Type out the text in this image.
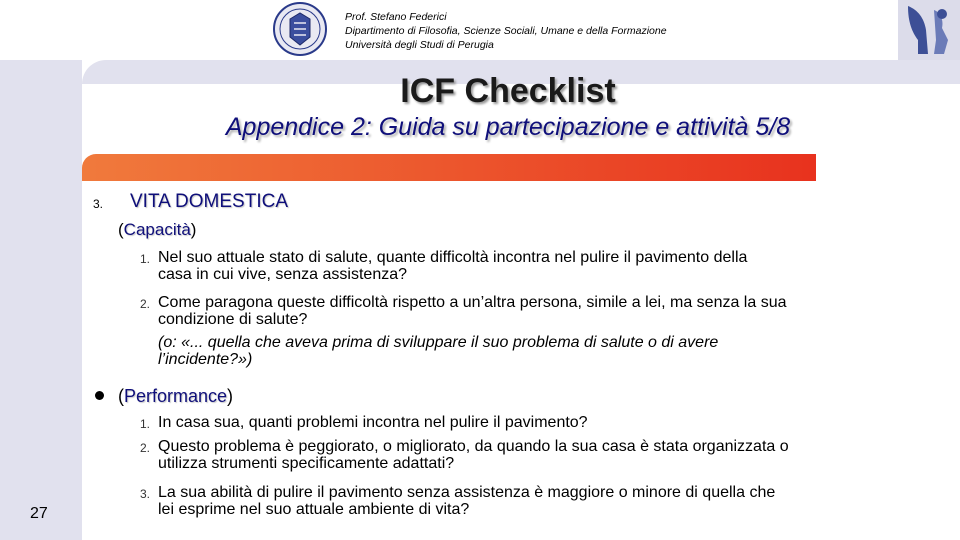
Prof. Stefano Federici
Dipartimento di Filosofia, Scienze Sociali, Umane e della Formazione
Università degli Studi di Perugia
ICF Checklist
Appendice 2: Guida su partecipazione e attività 5/8
3. VITA DOMESTICA
(Capacità)
1. Nel suo attuale stato di salute, quante difficoltà incontra nel pulire il pavimento della
casa in cui vive, senza assistenza?
2. Come paragona queste difficoltà rispetto a un’altra persona, simile a lei, ma senza la sua
condizione di salute?
(o: «... quella che aveva prima di sviluppare il suo problema di salute o di avere
l’incidente?»)
(Performance)
1. In casa sua, quanti problemi incontra nel pulire il pavimento?
2. Questo problema è peggiorato, o migliorato, da quando la sua casa è stata organizzata o
utilizza strumenti specificamente adattati?
3. La sua abilità di pulire il pavimento senza assistenza è maggiore o minore di quella che
lei esprime nel suo attuale ambiente di vita?
27
